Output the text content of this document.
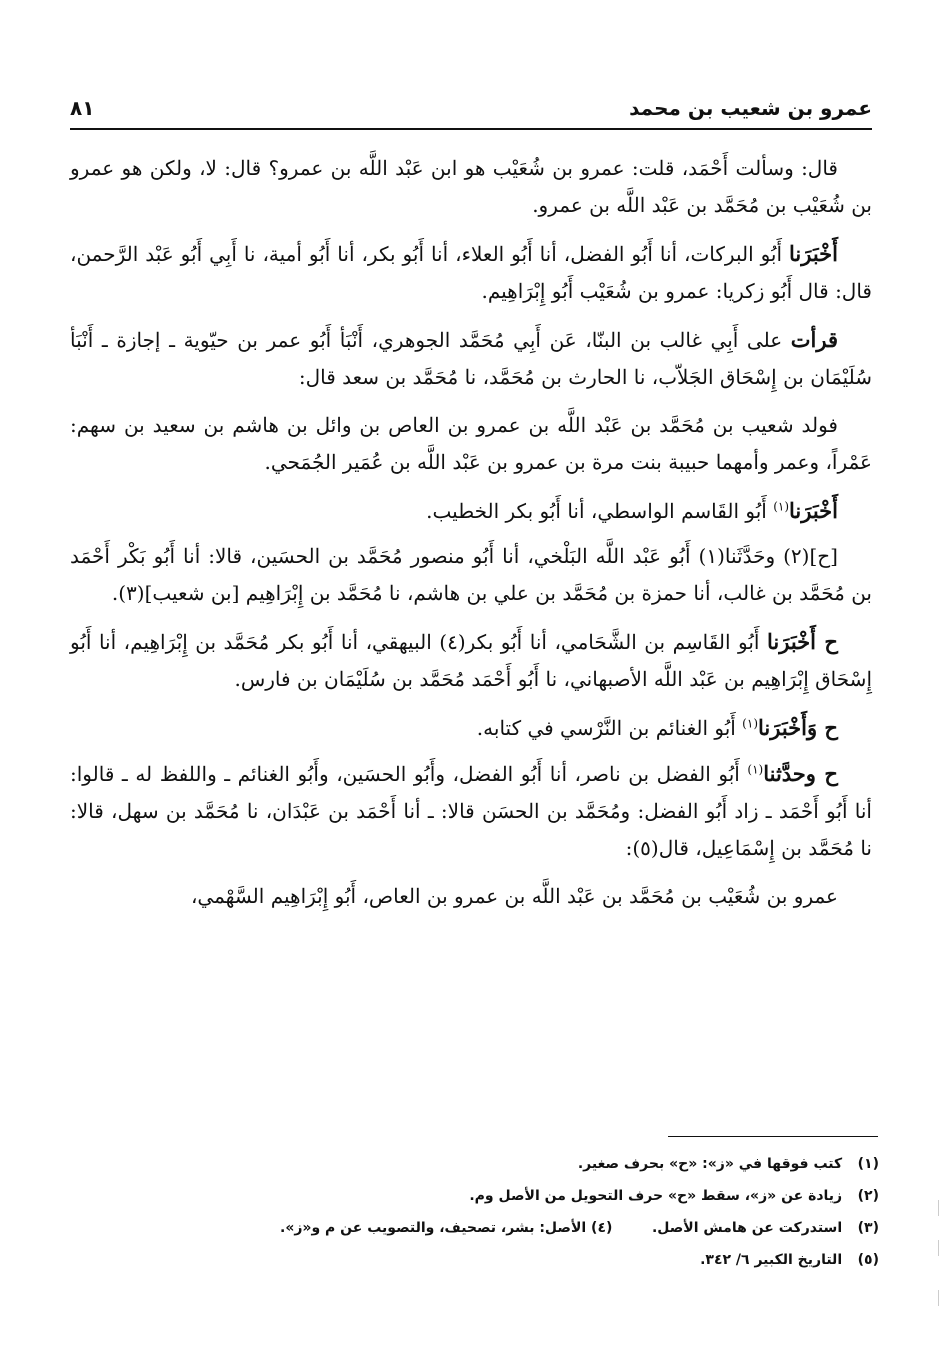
عمرو بن شعيب بن محمد
٨١

قال: وسألت أَحْمَد، قلت: عمرو بن شُعَيْب هو ابن عَبْد اللَّه بن عمرو؟ قال: لا، ولكن هو عمرو بن شُعَيْب بن مُحَمَّد بن عَبْد اللَّه بن عمرو.

أَخْبَرَنا أَبُو البركات، أنا أَبُو الفضل، أنا أَبُو العلاء، أنا أَبُو بكر، أنا أَبُو أمية، نا أَبِي أَبُو عَبْد الرَّحمن، قال: قال أَبُو زكريا: عمرو بن شُعَيْب أَبُو إِبْرَاهِيم.

قرأت على أَبِي غالب بن البنّا، عَن أَبِي مُحَمَّد الجوهري، أَنْبَأ أَبُو عمر بن حيّوية ـ إجازة ـ أَنْبَأ سُلَيْمَان بن إِسْحَاق الجَلاّب، نا الحارث بن مُحَمَّد، نا مُحَمَّد بن سعد قال:

فولد شعيب بن مُحَمَّد بن عَبْد اللَّه بن عمرو بن العاص بن وائل بن هاشم بن سعيد بن سهم: عَمْراً، وعمر وأمهما حبيبة بنت مرة بن عمرو بن عَبْد اللَّه بن عُمَير الجُمَحي.

أَخْبَرَنا$^{(١)}$ أَبُو القَاسم الواسطي، أنا أَبُو بكر الخطيب.

[ح](٢) وحَدَّثَنا(١) أَبُو عَبْد اللَّه البَلْخي، أنا أَبُو منصور مُحَمَّد بن الحسَين، قالا: أنا أَبُو بَكْر أَحْمَد بن مُحَمَّد بن غالب، أنا حمزة بن مُحَمَّد بن علي بن هاشم، نا مُحَمَّد بن إِبْرَاهِيم [بن شعيب](٣).

ح أَخْبَرَنا أَبُو القَاسِم بن الشَّحَامي، أنا أَبُو بكر(٤) البيهقي، أنا أَبُو بكر مُحَمَّد بن إِبْرَاهِيم، أنا أَبُو إِسْحَاق إِبْرَاهِيم بن عَبْد اللَّه الأصبهاني، نا أَبُو أَحْمَد مُحَمَّد بن سُلَيْمَان بن فارس.

ح وَأَخْبَرَنا$^{(١)}$ أَبُو الغنائم بن النَّرْسي في كتابه.

ح وحدَّثنا$^{(١)}$ أَبُو الفضل بن ناصر، أنا أَبُو الفضل، وأَبُو الحسَين، وأَبُو الغنائم ـ واللفظ له ـ قالوا: أنا أَبُو أَحْمَد ـ زاد أَبُو الفضل: ومُحَمَّد بن الحسَن قالا: ـ أنا أَحْمَد بن عَبْدَان، نا مُحَمَّد بن سهل، قالا: نا مُحَمَّد بن إِسْمَاعِيل، قال(٥):

عمرو بن شُعَيْب بن مُحَمَّد بن عَبْد اللَّه بن عمرو بن العاص، أَبُو إِبْرَاهِيم السَّهْمي،

(١) كتب فوقها في «ز»: «ح» بحرف صغير.
(٢) زيادة عن «ز»، سقط «ح» حرف التحويل من الأصل وم.
(٣) استدركت عن هامش الأصل.
(٤) الأصل: بشر، تصحيف، والتصويب عن م و«ز».
(٥) التاريخ الكبير ٦/ ٣٤٢.
